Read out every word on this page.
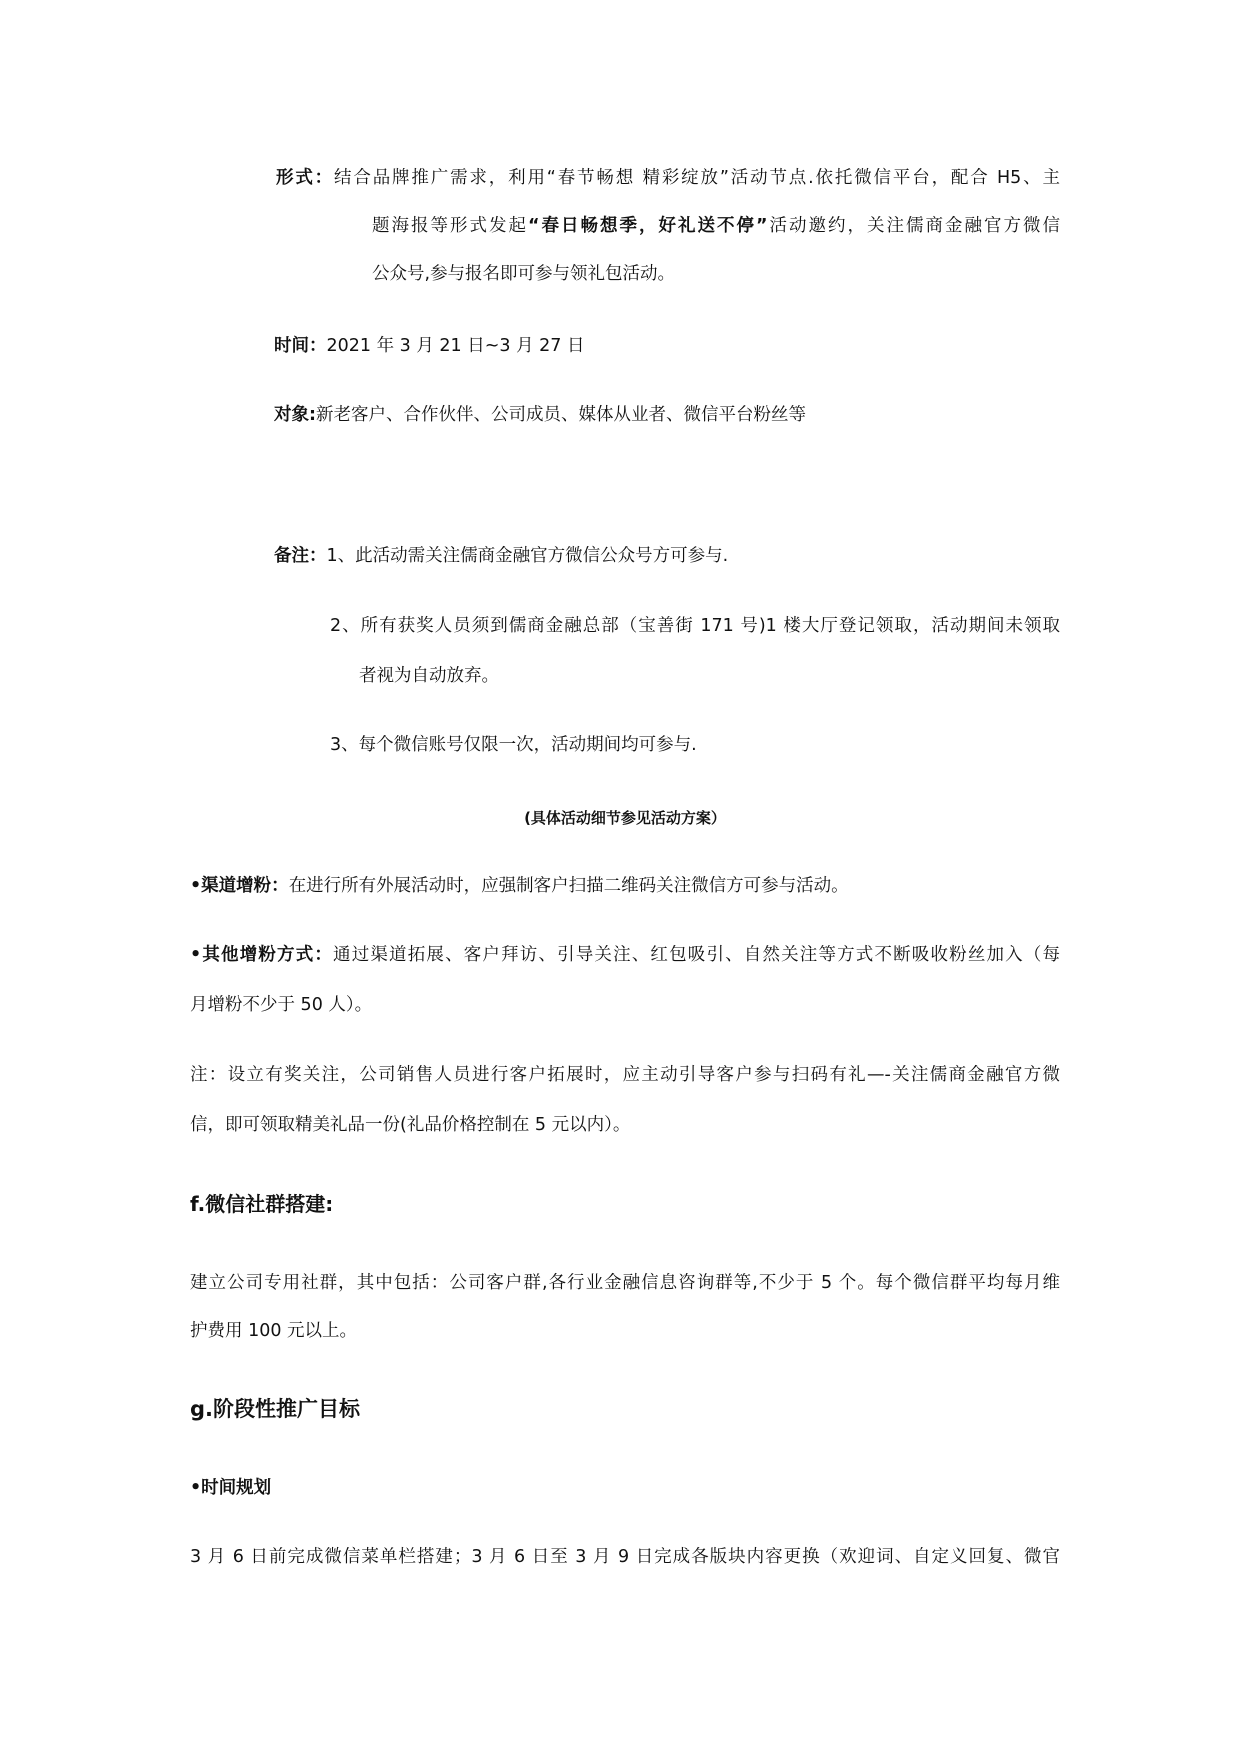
形式：结合品牌推广需求，利用“春节畅想 精彩绽放”活动节点.依托微信平台，配合 H5、主
题海报等形式发起“春日畅想季，好礼送不停”活动邀约，关注儒商金融官方微信
公众号,参与报名即可参与领礼包活动。
时间：2021 年 3 月 21 日~3 月 27 日
对象:新老客户、合作伙伴、公司成员、媒体从业者、微信平台粉丝等
备注：1、此活动需关注儒商金融官方微信公众号方可参与.
2、所有获奖人员须到儒商金融总部（宝善街 171 号)1 楼大厅登记领取，活动期间未领取
者视为自动放弃。
3、每个微信账号仅限一次，活动期间均可参与.
(具体活动细节参见活动方案）
•渠道增粉：在进行所有外展活动时，应强制客户扫描二维码关注微信方可参与活动。
•其他增粉方式：通过渠道拓展、客户拜访、引导关注、红包吸引、自然关注等方式不断吸收粉丝加入（每
月增粉不少于 50 人）。
注：设立有奖关注，公司销售人员进行客户拓展时，应主动引导客户参与扫码有礼—-关注儒商金融官方微
信，即可领取精美礼品一份(礼品价格控制在 5 元以内）。
f.微信社群搭建:
建立公司专用社群，其中包括：公司客户群,各行业金融信息咨询群等,不少于 5 个。每个微信群平均每月维
护费用 100 元以上。
g.阶段性推广目标
•时间规划
3 月 6 日前完成微信菜单栏搭建；3 月 6 日至 3 月 9 日完成各版块内容更换（欢迎词、自定义回复、微官
